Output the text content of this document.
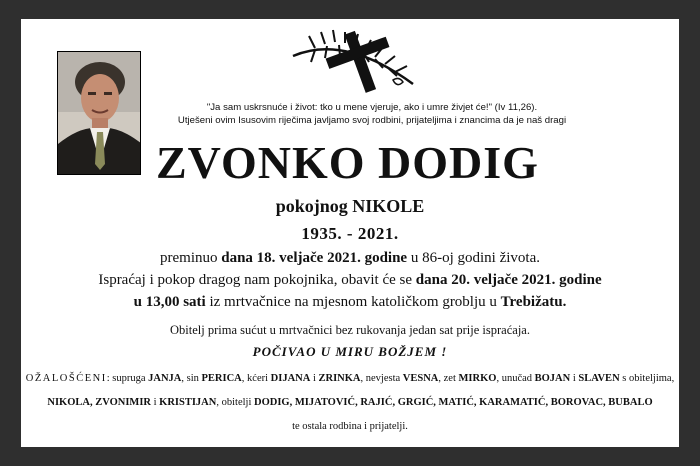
"Ja sam uskrsnuće i život: tko u mene vjeruje, ako i umre živjet će!" (Iv 11,26).
Utješeni ovim Isusovim riječima javljamo svoj rodbini, prijateljima i znancima da je naš dragi
ZVONKO DODIG
pokojnog NIKOLE
1935. - 2021.
preminuo dana 18. veljače 2021. godine u 86-oj godini života.
Ispraćaj i pokop dragog nam pokojnika, obavit će se dana 20. veljače 2021. godine
u 13,00 sati iz mrtvačnice na mjesnom katoličkom groblju u Trebižatu.
Obitelj prima sućut u mrtvačnici bez rukovanja jedan sat prije ispraćaja.
POČIVAO U MIRU BOŽJEM !
OŽALOŠĆENI: supruga JANJA, sin PERICA, kćeri DIJANA i ZRINKA, nevjesta VESNA, zet MIRKO, unučad BOJAN i SLAVEN s obiteljima,
NIKOLA, ZVONIMIR i KRISTIJAN, obitelji DODIG, MIJATOVIĆ, RAJIĆ, GRGIĆ, MATIĆ, KARAMATIĆ, BOROVAC, BUBALO
te ostala rodbina i prijatelji.
